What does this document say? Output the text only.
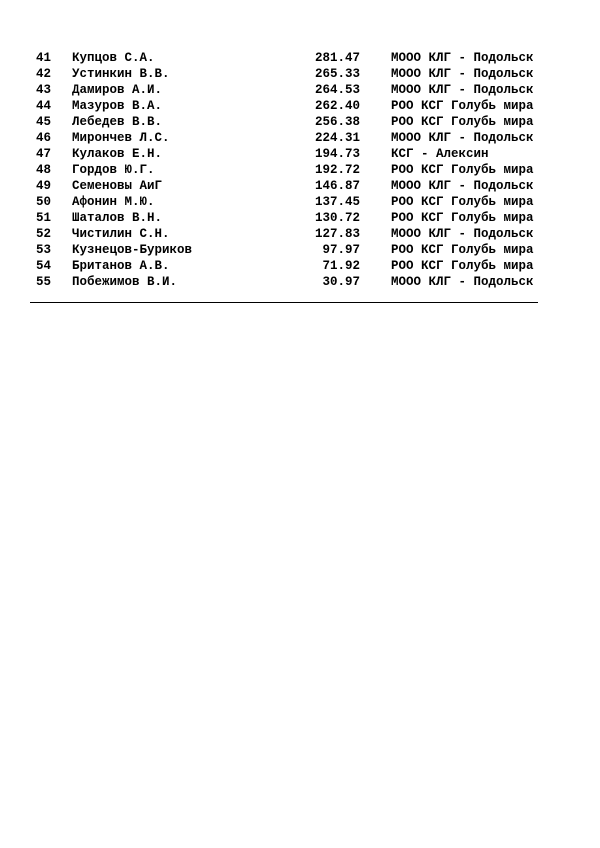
41 Купцов С.А.	281.47 МООО КЛГ - Подольск
42 Устинкин В.В.	265.33 МООО КЛГ - Подольск
43 Дамиров А.И.	264.53 МООО КЛГ - Подольск
44 Мазуров В.А.	262.40 РОО КСГ Голубь мира
45 Лебедев В.В.	256.38 РОО КСГ Голубь мира
46 Мирончев Л.С.	224.31 МООО КЛГ - Подольск
47 Кулаков Е.Н.	194.73 КСГ - Алексин
48 Гордов Ю.Г.	192.72 РОО КСГ Голубь мира
49 Семеновы АиГ	146.87 МООО КЛГ - Подольск
50 Афонин М.Ю.	137.45 РОО КСГ Голубь мира
51 Шаталов В.Н.	130.72 РОО КСГ Голубь мира
52 Чистилин С.Н.	127.83 МООО КЛГ - Подольск
53 Кузнецов-Буриков	97.97 РОО КСГ Голубь мира
54 Британов А.В.	71.92 РОО КСГ Голубь мира
55 Побежимов В.И.	30.97 МООО КЛГ - Подольск
